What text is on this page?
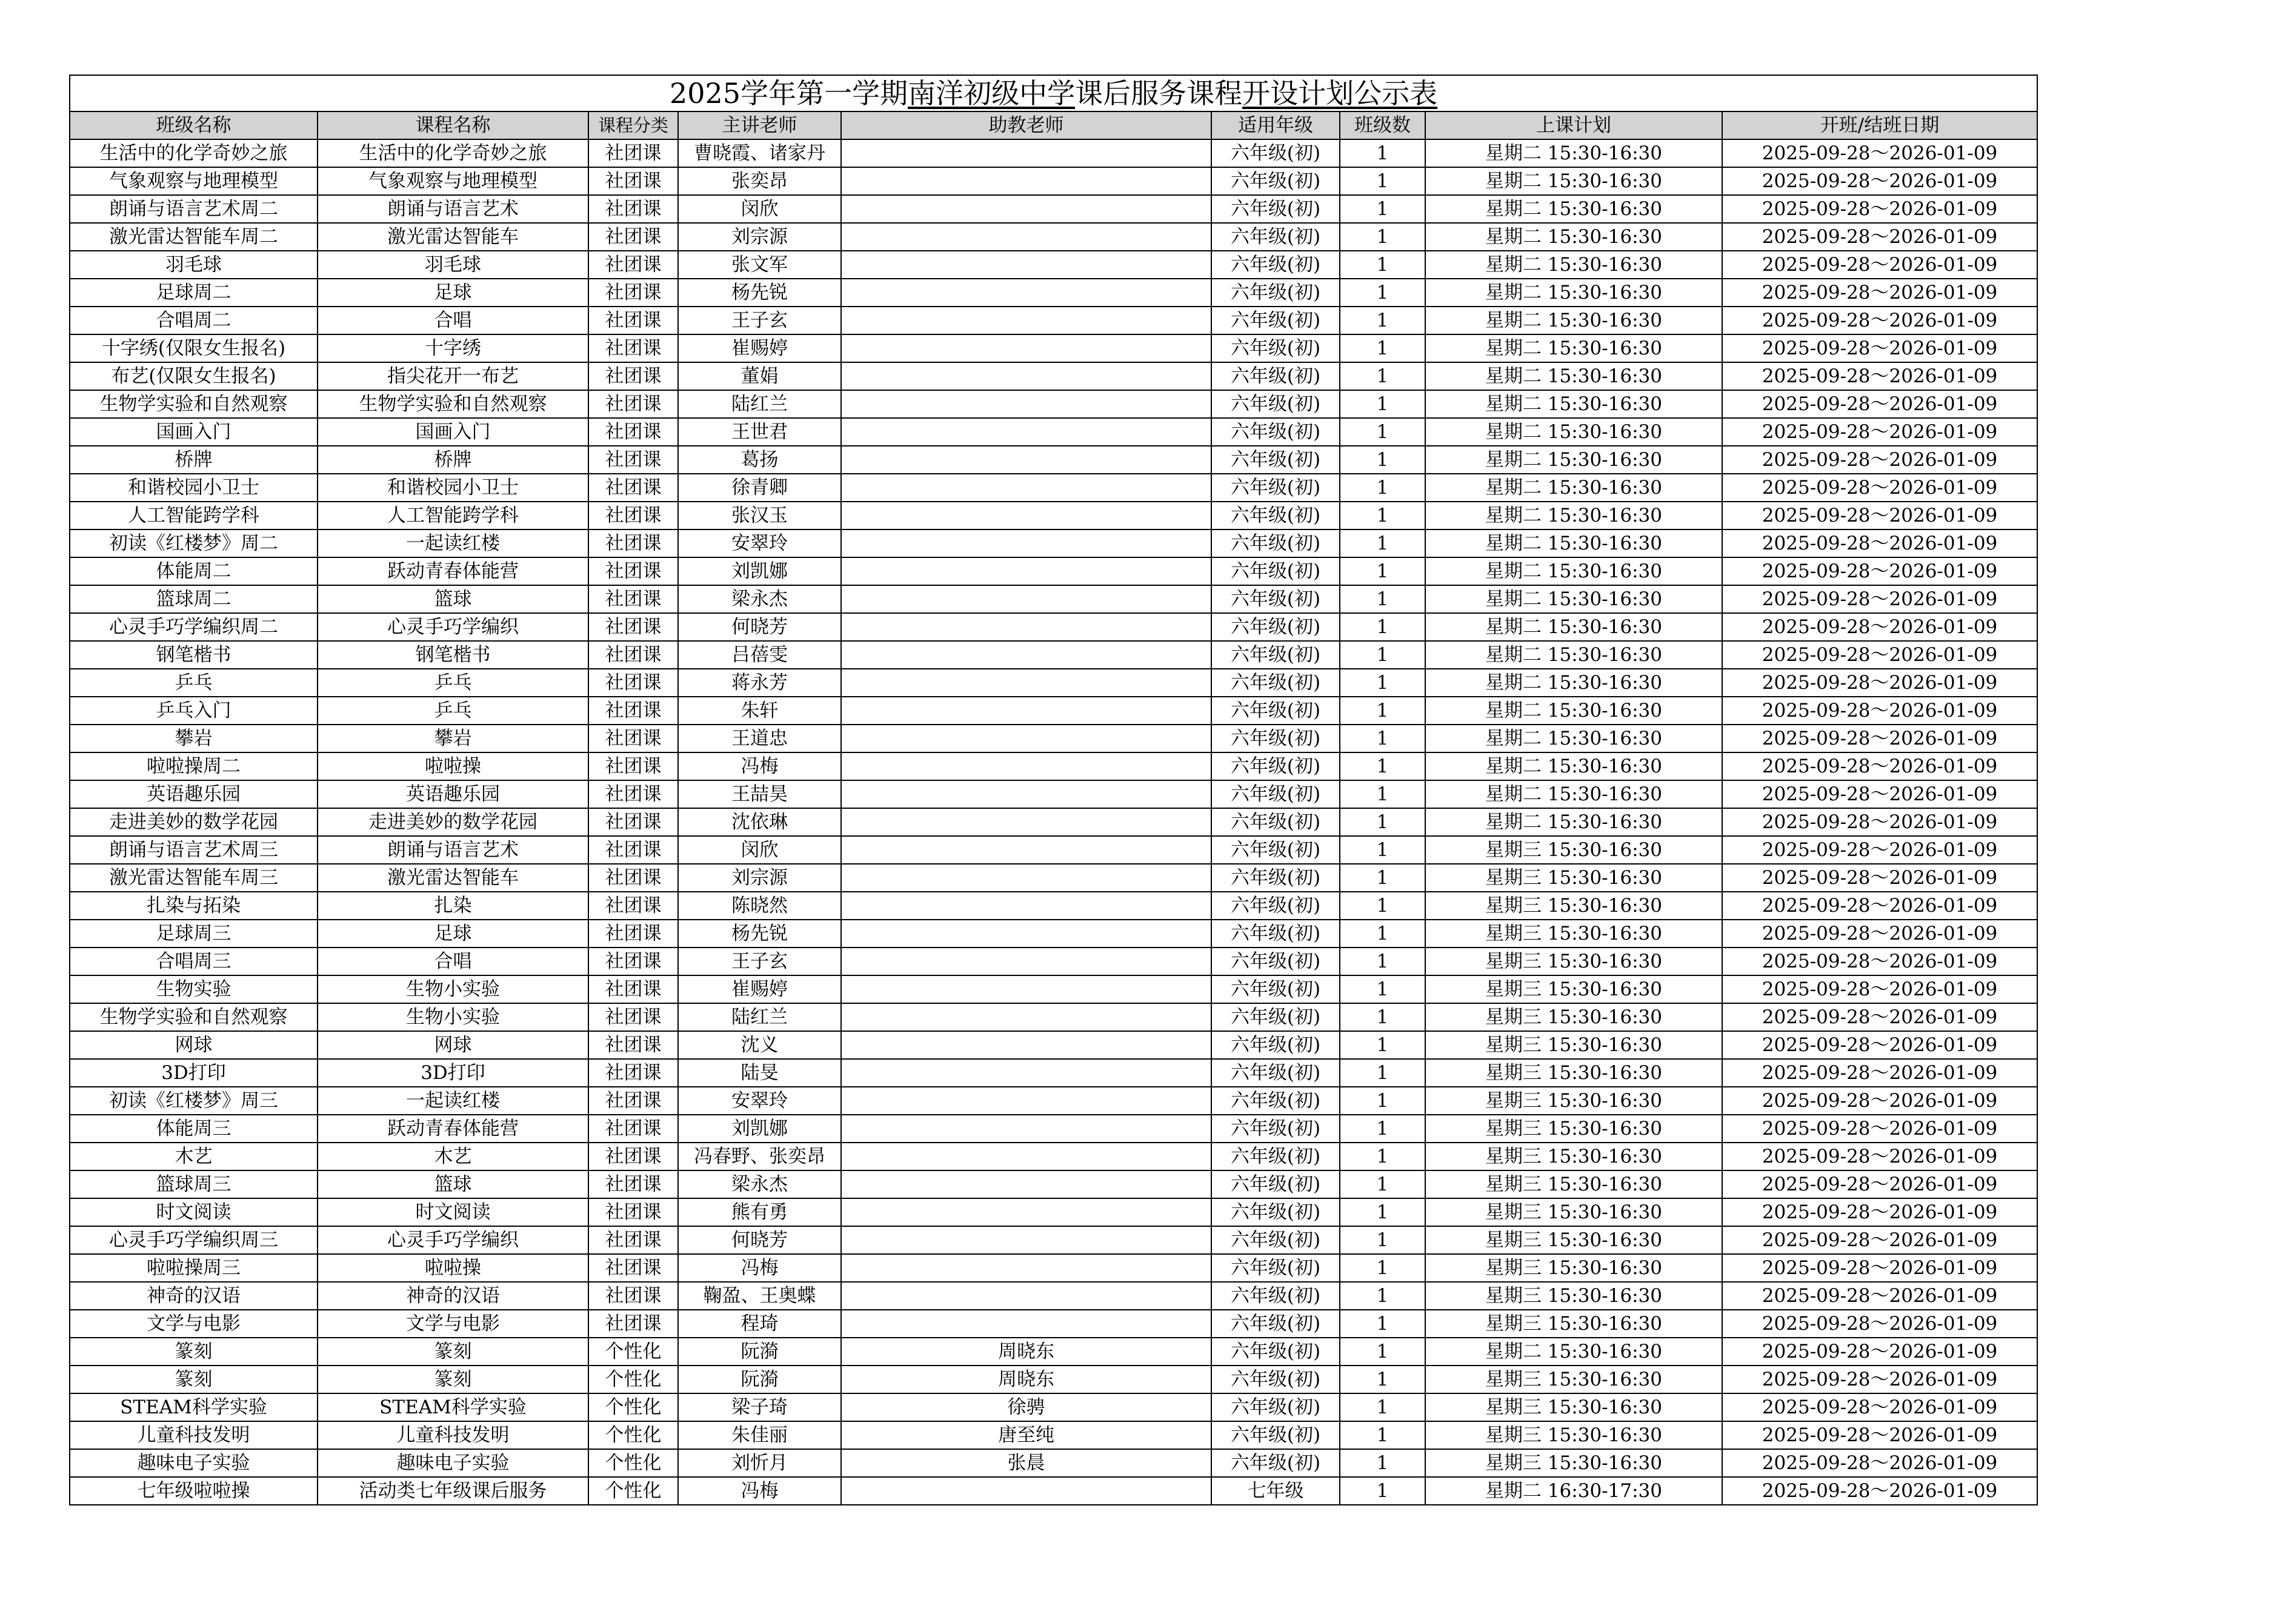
2025学年第一学期南洋初级中学课后服务课程开设计划公示表								
班级名称	课程名称	课程分类	主讲老师	助教老师	适用年级	班级数	上课计划	开班/结班日期
生活中的化学奇妙之旅	生活中的化学奇妙之旅	社团课	曹晓霞、诸家丹		六年级(初)	1	星期二 15:30-16:30	2025-09-28～2026-01-09
气象观察与地理模型	气象观察与地理模型	社团课	张奕昂		六年级(初)	1	星期二 15:30-16:30	2025-09-28～2026-01-09
朗诵与语言艺术周二	朗诵与语言艺术	社团课	闵欣		六年级(初)	1	星期二 15:30-16:30	2025-09-28～2026-01-09
激光雷达智能车周二	激光雷达智能车	社团课	刘宗源		六年级(初)	1	星期二 15:30-16:30	2025-09-28～2026-01-09
羽毛球	羽毛球	社团课	张文军		六年级(初)	1	星期二 15:30-16:30	2025-09-28～2026-01-09
足球周二	足球	社团课	杨先锐		六年级(初)	1	星期二 15:30-16:30	2025-09-28～2026-01-09
合唱周二	合唱	社团课	王子玄		六年级(初)	1	星期二 15:30-16:30	2025-09-28～2026-01-09
十字绣(仅限女生报名)	十字绣	社团课	崔赐婷		六年级(初)	1	星期二 15:30-16:30	2025-09-28～2026-01-09
布艺(仅限女生报名)	指尖花开一布艺	社团课	董娟		六年级(初)	1	星期二 15:30-16:30	2025-09-28～2026-01-09
生物学实验和自然观察	生物学实验和自然观察	社团课	陆红兰		六年级(初)	1	星期二 15:30-16:30	2025-09-28～2026-01-09
国画入门	国画入门	社团课	王世君		六年级(初)	1	星期二 15:30-16:30	2025-09-28～2026-01-09
桥牌	桥牌	社团课	葛扬		六年级(初)	1	星期二 15:30-16:30	2025-09-28～2026-01-09
和谐校园小卫士	和谐校园小卫士	社团课	徐青卿		六年级(初)	1	星期二 15:30-16:30	2025-09-28～2026-01-09
人工智能跨学科	人工智能跨学科	社团课	张汉玉		六年级(初)	1	星期二 15:30-16:30	2025-09-28～2026-01-09
初读《红楼梦》周二	一起读红楼	社团课	安翠玲		六年级(初)	1	星期二 15:30-16:30	2025-09-28～2026-01-09
体能周二	跃动青春体能营	社团课	刘凯娜		六年级(初)	1	星期二 15:30-16:30	2025-09-28～2026-01-09
篮球周二	篮球	社团课	梁永杰		六年级(初)	1	星期二 15:30-16:30	2025-09-28～2026-01-09
心灵手巧学编织周二	心灵手巧学编织	社团课	何晓芳		六年级(初)	1	星期二 15:30-16:30	2025-09-28～2026-01-09
钢笔楷书	钢笔楷书	社团课	吕蓓雯		六年级(初)	1	星期二 15:30-16:30	2025-09-28～2026-01-09
乒乓	乒乓	社团课	蒋永芳		六年级(初)	1	星期二 15:30-16:30	2025-09-28～2026-01-09
乒乓入门	乒乓	社团课	朱轩		六年级(初)	1	星期二 15:30-16:30	2025-09-28～2026-01-09
攀岩	攀岩	社团课	王道忠		六年级(初)	1	星期二 15:30-16:30	2025-09-28～2026-01-09
啦啦操周二	啦啦操	社团课	冯梅		六年级(初)	1	星期二 15:30-16:30	2025-09-28～2026-01-09
英语趣乐园	英语趣乐园	社团课	王喆昊		六年级(初)	1	星期二 15:30-16:30	2025-09-28～2026-01-09
走进美妙的数学花园	走进美妙的数学花园	社团课	沈依琳		六年级(初)	1	星期二 15:30-16:30	2025-09-28～2026-01-09
朗诵与语言艺术周三	朗诵与语言艺术	社团课	闵欣		六年级(初)	1	星期三 15:30-16:30	2025-09-28～2026-01-09
激光雷达智能车周三	激光雷达智能车	社团课	刘宗源		六年级(初)	1	星期三 15:30-16:30	2025-09-28～2026-01-09
扎染与拓染	扎染	社团课	陈晓然		六年级(初)	1	星期三 15:30-16:30	2025-09-28～2026-01-09
足球周三	足球	社团课	杨先锐		六年级(初)	1	星期三 15:30-16:30	2025-09-28～2026-01-09
合唱周三	合唱	社团课	王子玄		六年级(初)	1	星期三 15:30-16:30	2025-09-28～2026-01-09
生物实验	生物小实验	社团课	崔赐婷		六年级(初)	1	星期三 15:30-16:30	2025-09-28～2026-01-09
生物学实验和自然观察	生物小实验	社团课	陆红兰		六年级(初)	1	星期三 15:30-16:30	2025-09-28～2026-01-09
网球	网球	社团课	沈义		六年级(初)	1	星期三 15:30-16:30	2025-09-28～2026-01-09
3D打印	3D打印	社团课	陆旻		六年级(初)	1	星期三 15:30-16:30	2025-09-28～2026-01-09
初读《红楼梦》周三	一起读红楼	社团课	安翠玲		六年级(初)	1	星期三 15:30-16:30	2025-09-28～2026-01-09
体能周三	跃动青春体能营	社团课	刘凯娜		六年级(初)	1	星期三 15:30-16:30	2025-09-28～2026-01-09
木艺	木艺	社团课	冯春野、张奕昂		六年级(初)	1	星期三 15:30-16:30	2025-09-28～2026-01-09
篮球周三	篮球	社团课	梁永杰		六年级(初)	1	星期三 15:30-16:30	2025-09-28～2026-01-09
时文阅读	时文阅读	社团课	熊有勇		六年级(初)	1	星期三 15:30-16:30	2025-09-28～2026-01-09
心灵手巧学编织周三	心灵手巧学编织	社团课	何晓芳		六年级(初)	1	星期三 15:30-16:30	2025-09-28～2026-01-09
啦啦操周三	啦啦操	社团课	冯梅		六年级(初)	1	星期三 15:30-16:30	2025-09-28～2026-01-09
神奇的汉语	神奇的汉语	社团课	鞠盈、王奥蝶		六年级(初)	1	星期三 15:30-16:30	2025-09-28～2026-01-09
文学与电影	文学与电影	社团课	程琦		六年级(初)	1	星期三 15:30-16:30	2025-09-28～2026-01-09
篆刻	篆刻	个性化	阮漪	周晓东	六年级(初)	1	星期二 15:30-16:30	2025-09-28～2026-01-09
篆刻	篆刻	个性化	阮漪	周晓东	六年级(初)	1	星期三 15:30-16:30	2025-09-28～2026-01-09
STEAM科学实验	STEAM科学实验	个性化	梁子琦	徐骋	六年级(初)	1	星期三 15:30-16:30	2025-09-28～2026-01-09
儿童科技发明	儿童科技发明	个性化	朱佳丽	唐至纯	六年级(初)	1	星期三 15:30-16:30	2025-09-28～2026-01-09
趣味电子实验	趣味电子实验	个性化	刘忻月	张晨	六年级(初)	1	星期三 15:30-16:30	2025-09-28～2026-01-09
七年级啦啦操	活动类七年级课后服务	个性化	冯梅		七年级	1	星期二 16:30-17:30	2025-09-28～2026-01-09
